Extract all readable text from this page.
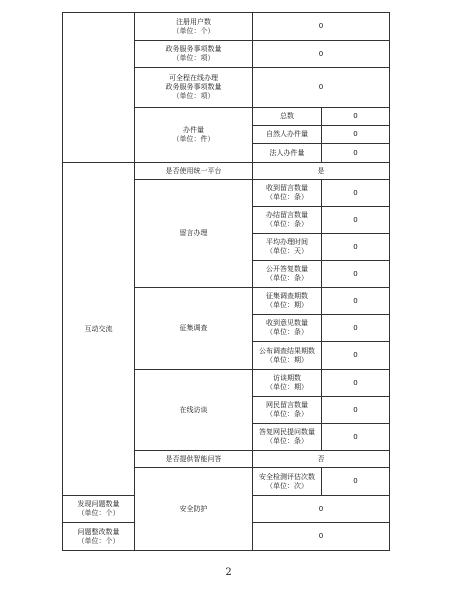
	注册用户数
（单位：个）	0	

	政务服务事项数量
（单位：项）	0	

	可全程在线办理
政务服务事项数量
（单位：项）	0	

	办件量
（单位：件）	总数	0
		自然人办件量	0
		法人办件量	0
互动交流	是否使用统一平台	是	
	留言办理	收到留言数量
（单位：条）	0

		办结留言数量
（单位：条）	0

		平均办理时间
（单位：天）	0

		公开答复数量
（单位：条）	0
	征集调查	征集调查期数
（单位：期）	0

		收到意见数量
（单位：条）	0

		公布调查结果期数
（单位：期）	0
	在线访谈	访谈期数
（单位：期）	0

		网民留言数量
（单位：条）	0

		答复网民提问数量
（单位：条）	0
	是否提供智能问答	否	
	安全防护	安全检测评估次数
（单位：次）	0

发现问题数量
（单位：个）		0	

问题整改数量
（单位：个）		0	
2
